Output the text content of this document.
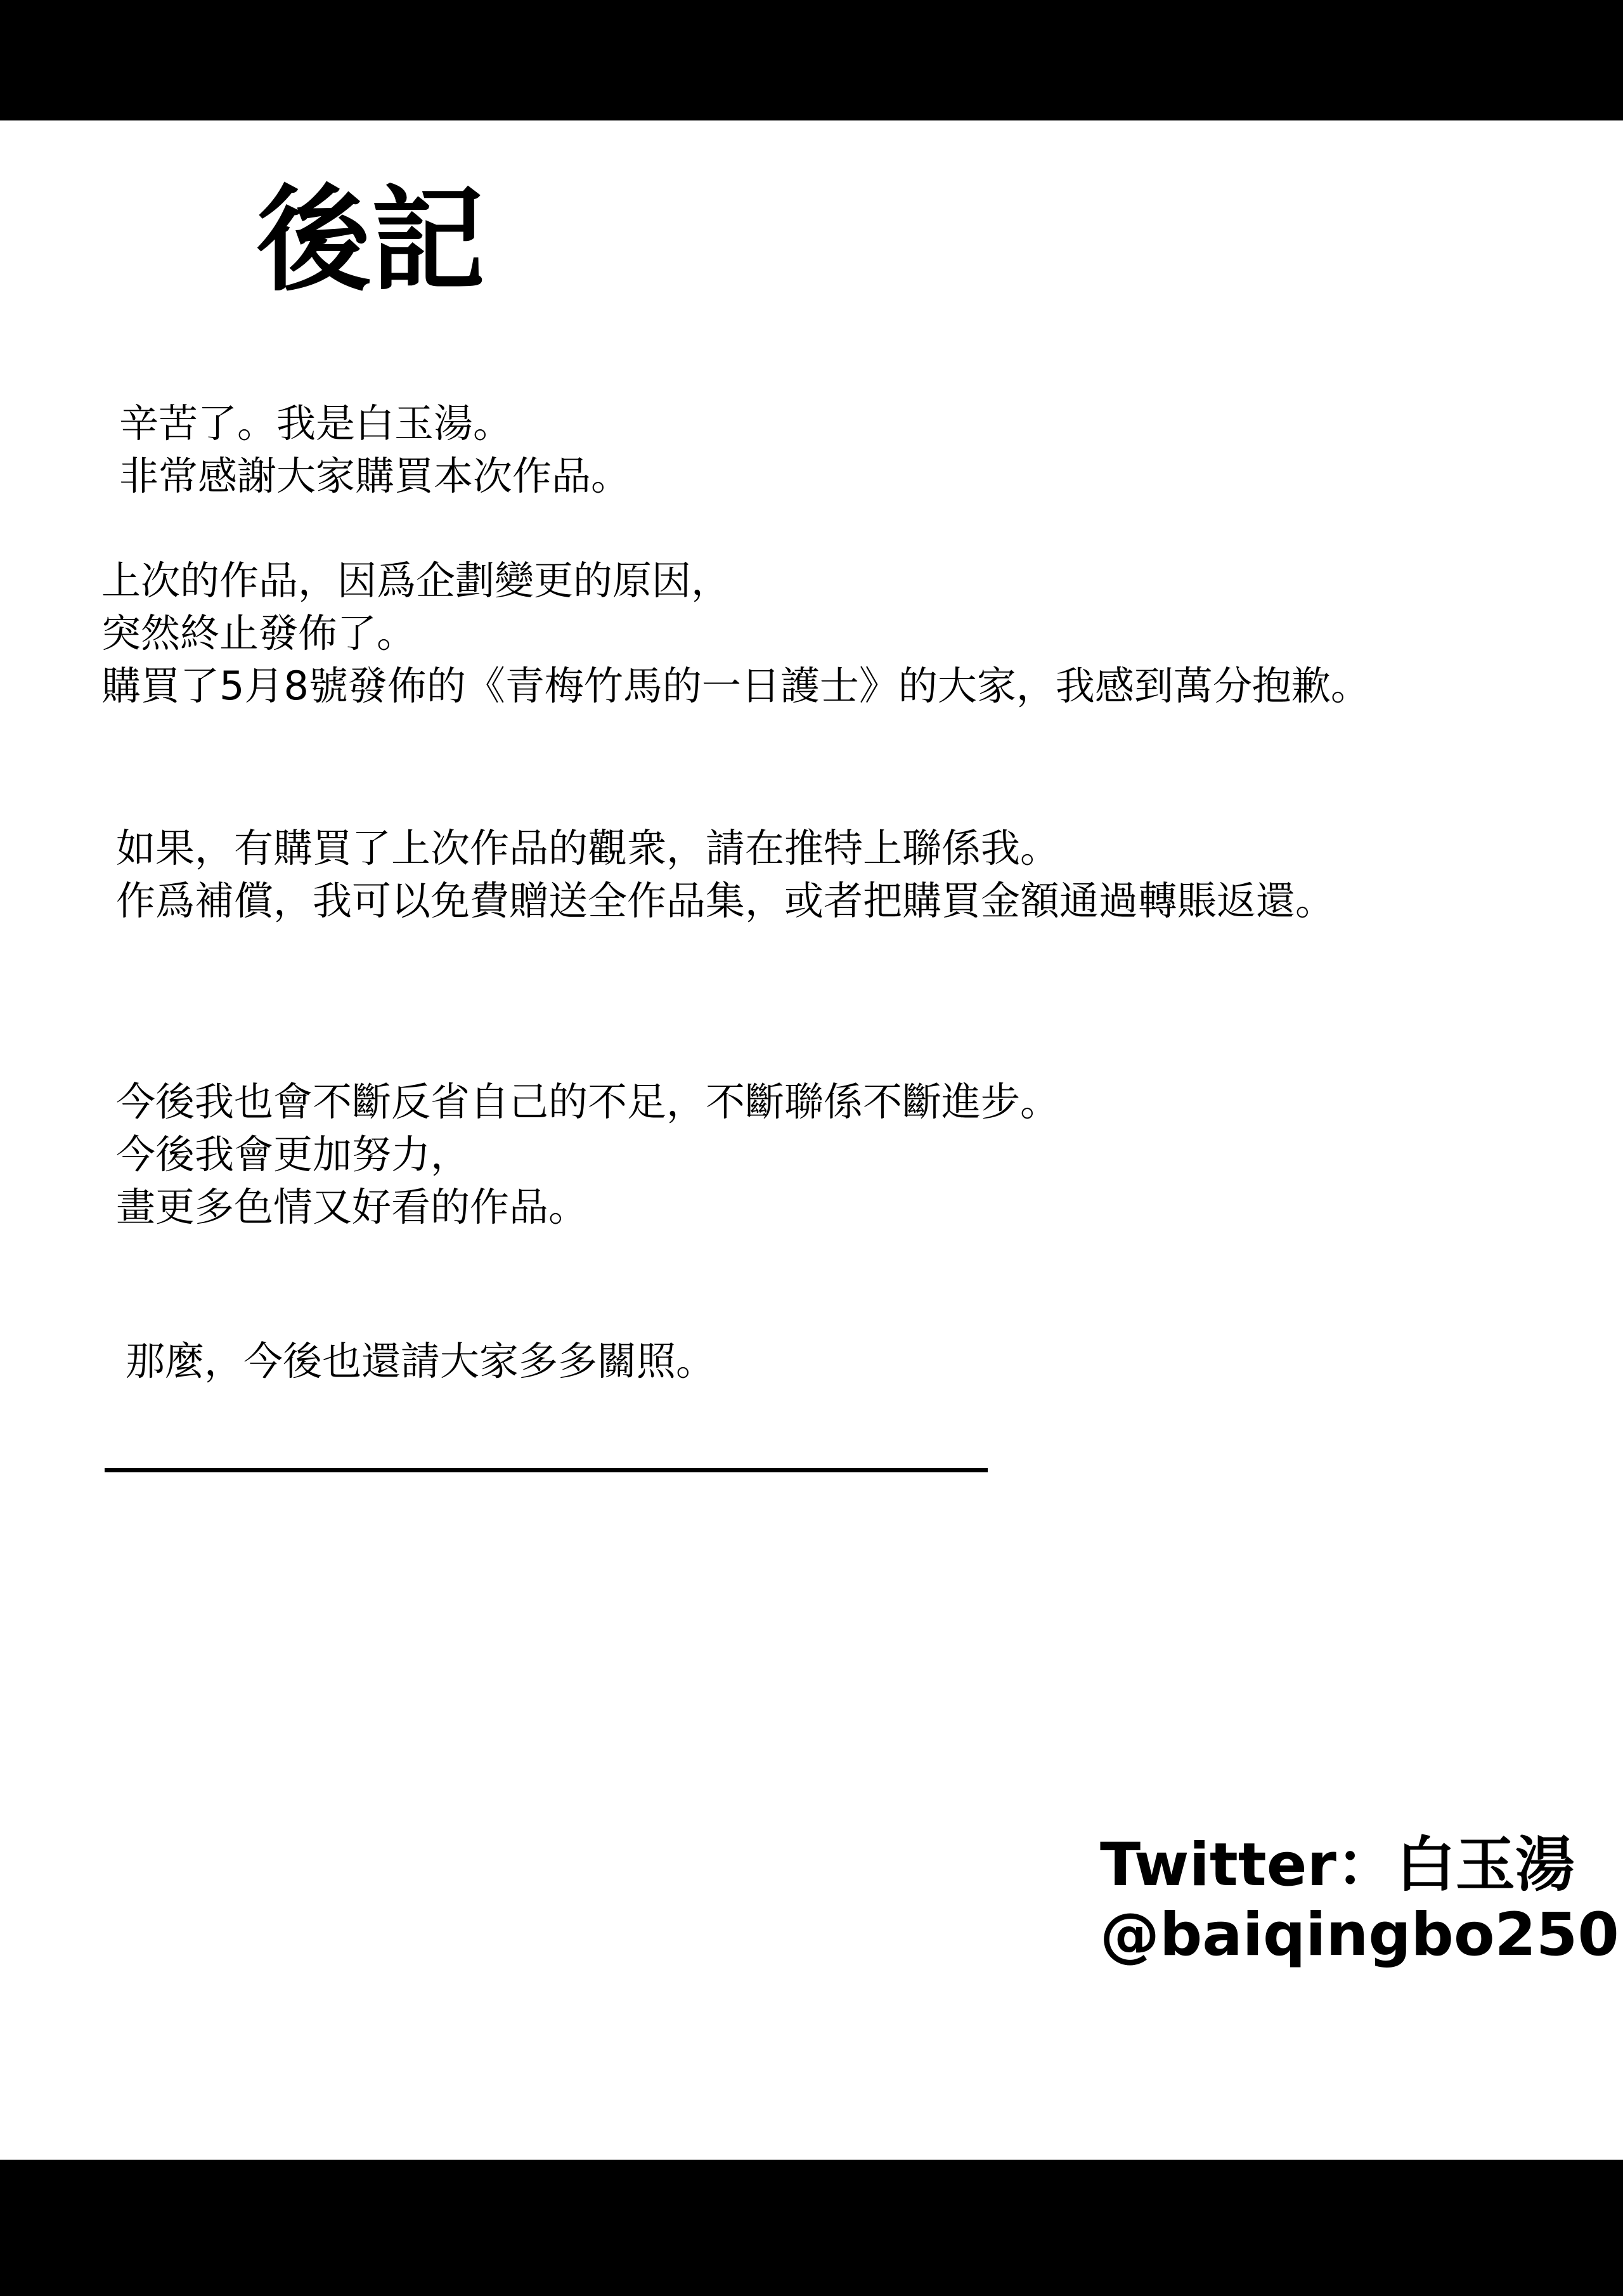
後記
辛苦了。我是白玉湯。
非常感謝大家購買本次作品。
上次的作品，因爲企劃變更的原因，
突然終止發佈了。
購買了5月8號發佈的《青梅竹馬的一日護士》的大家，我感到萬分抱歉。
如果，有購買了上次作品的觀衆，請在推特上聯係我。
作爲補償，我可以免費贈送全作品集，或者把購買金額通過轉賬返還。
今後我也會不斷反省自己的不足，不斷聯係不斷進步。
今後我會更加努力，
畫更多色情又好看的作品。
那麼，今後也還請大家多多關照。
Twitter：白玉湯
@baiqingbo250
